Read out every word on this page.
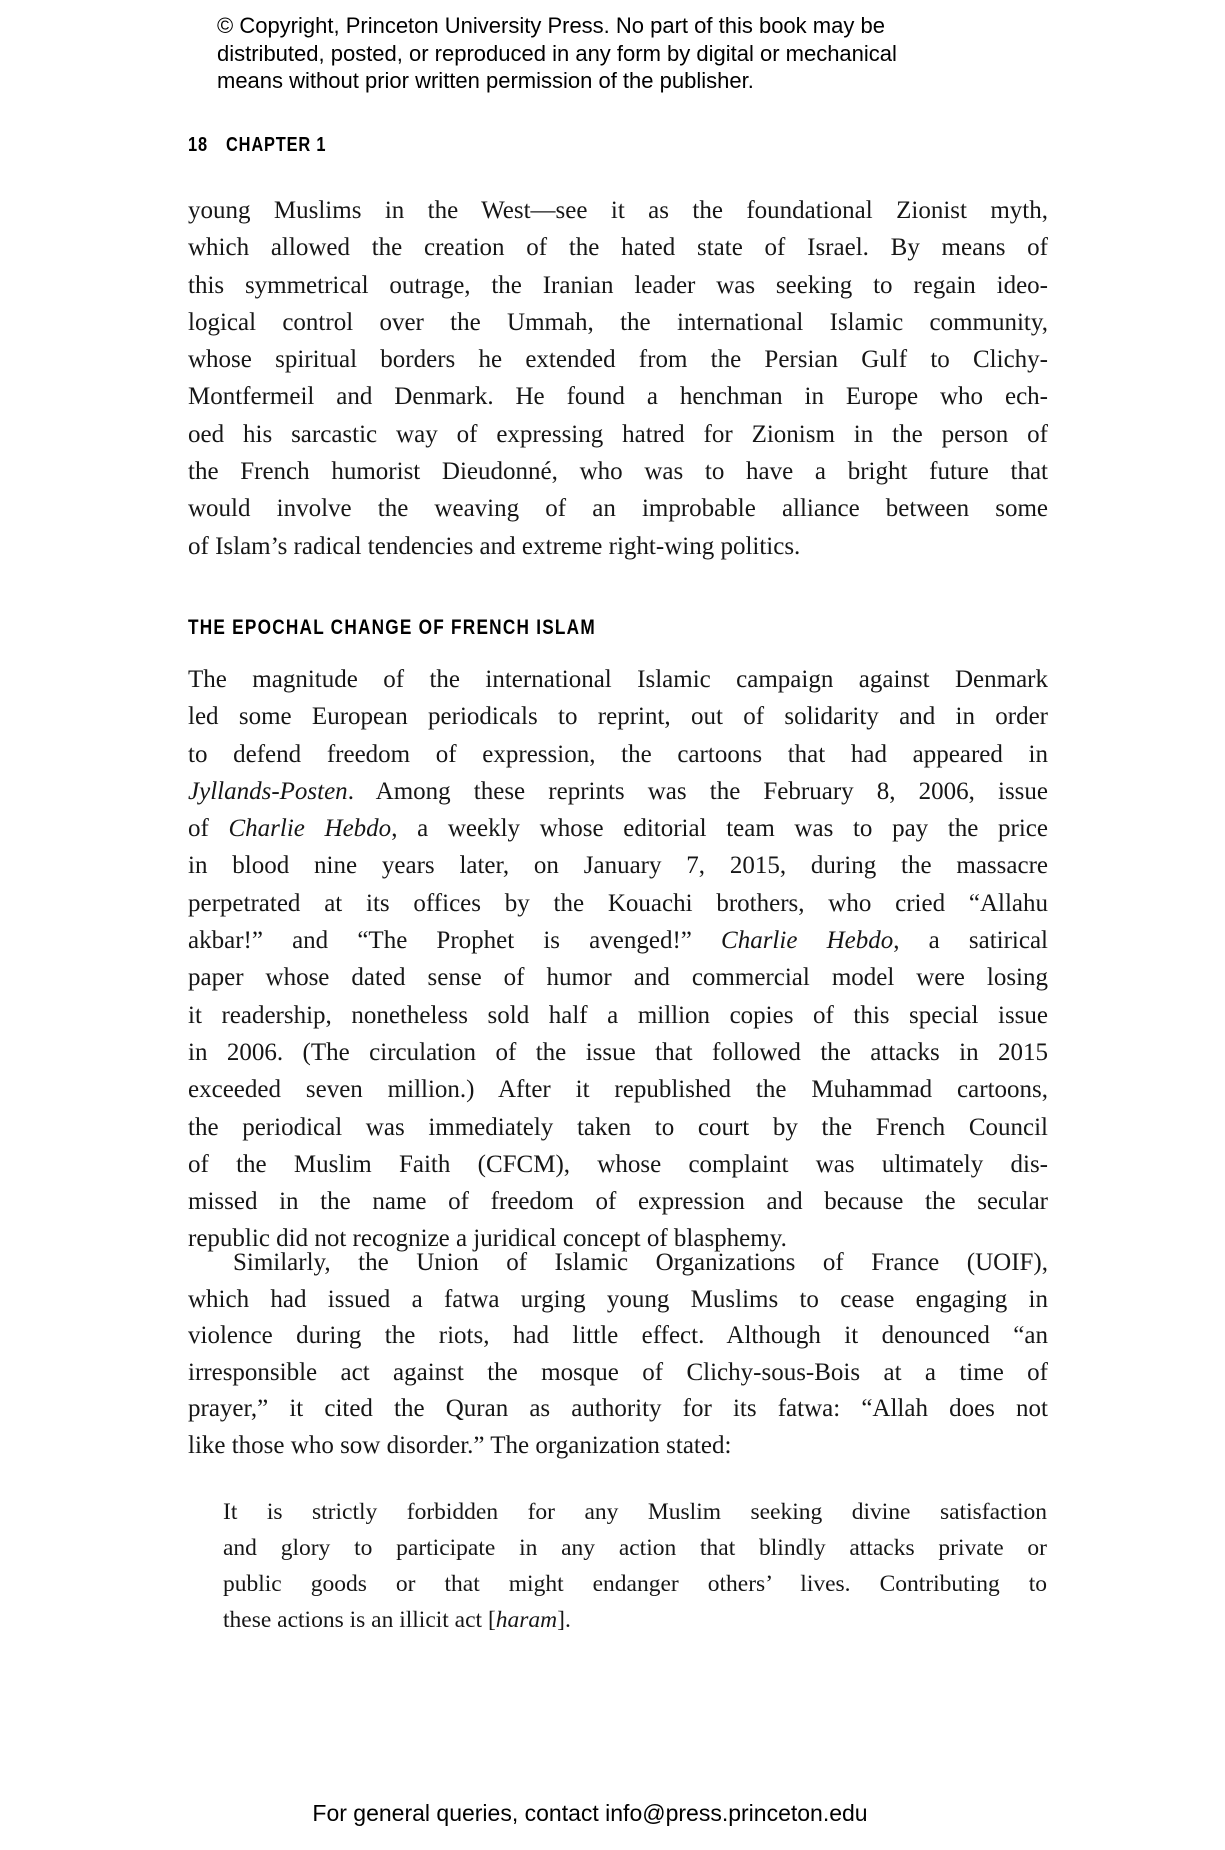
© Copyright, Princeton University Press. No part of this book may be
distributed, posted, or reproduced in any form by digital or mechanical
means without prior written permission of the publisher.
18 CHAPTER 1
young Muslims in the West—see it as the foundational Zionist myth,
which allowed the creation of the hated state of Israel. By means of
this symmetrical outrage, the Iranian leader was seeking to regain ideo-
logical control over the Ummah, the international Islamic community,
whose spiritual borders he extended from the Persian Gulf to Clichy-
Montfermeil and Denmark. He found a henchman in Europe who ech-
oed his sarcastic way of expressing hatred for Zionism in the person of
the French humorist Dieudonné, who was to have a bright future that
would involve the weaving of an improbable alliance between some
of Islam’s radical tendencies and extreme right-wing politics.
THE EPOCHAL CHANGE OF FRENCH ISLAM
The magnitude of the international Islamic campaign against Denmark
led some European periodicals to reprint, out of solidarity and in order
to defend freedom of expression, the cartoons that had appeared in
Jyllands-Posten. Among these reprints was the February 8, 2006, issue
of Charlie Hebdo, a weekly whose editorial team was to pay the price
in blood nine years later, on January 7, 2015, during the massacre
perpetrated at its offices by the Kouachi brothers, who cried “Allahu
akbar!” and “The Prophet is avenged!” Charlie Hebdo, a satirical
paper whose dated sense of humor and commercial model were losing
it readership, nonetheless sold half a million copies of this special issue
in 2006. (The circulation of the issue that followed the attacks in 2015
exceeded seven million.) After it republished the Muhammad cartoons,
the periodical was immediately taken to court by the French Council
of the Muslim Faith (CFCM), whose complaint was ultimately dis-
missed in the name of freedom of expression and because the secular
republic did not recognize a juridical concept of blasphemy.
Similarly, the Union of Islamic Organizations of France (UOIF),
which had issued a fatwa urging young Muslims to cease engaging in
violence during the riots, had little effect. Although it denounced “an
irresponsible act against the mosque of Clichy-sous-Bois at a time of
prayer,” it cited the Quran as authority for its fatwa: “Allah does not
like those who sow disorder.” The organization stated:
It is strictly forbidden for any Muslim seeking divine satisfaction
and glory to participate in any action that blindly attacks private or
public goods or that might endanger others’ lives. Contributing to
these actions is an illicit act [haram].
For general queries, contact info@press.princeton.edu
